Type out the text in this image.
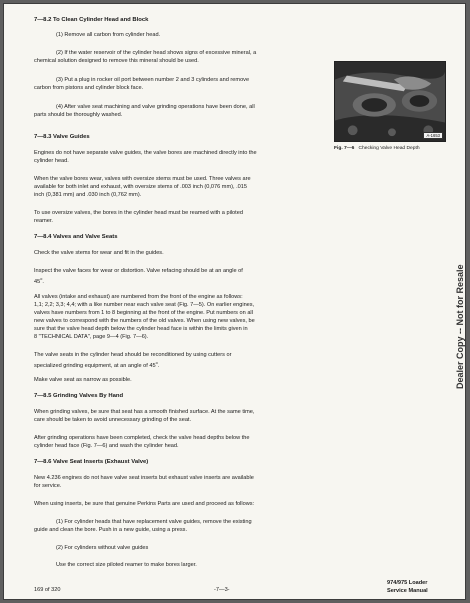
7—8.2 To Clean Cylinder Head and Block
(1) Remove all carbon from cylinder head.
(2) If the water reservoir of the cylinder head shows signs of excessive mineral, a
chemical solution designed to remove this mineral should be used.
(3) Put a plug in rocker oil port between number 2 and 3 cylinders and remove
carbon from pistons and cylinder block face.
(4) After valve seat machining and valve grinding operations have been done, all
parts should be thoroughly washed.
A-1653
Fig. 7—6 Checking Valve Head Depth
7—8.3 Valve Guides
Engines do not have separate valve guides, the valve bores are machined directly into the
cylinder head.
When the valve bores wear, valves with oversize stems must be used. Three valves are
available for both inlet and exhaust, with oversize stems of .003 inch (0,076 mm), .015
inch (0,381 mm) and .030 inch (0,762 mm).
To use oversize valves, the bores in the cylinder head must be reamed with a piloted
reamer.
7—8.4 Valves and Valve Seats
Check the valve stems for wear and fit in the guides.
Inspect the valve faces for wear or distortion. Valve refacing should be at an angle of
45$^o$.
All valves (intake and exhaust) are numbered from the front of the engine as follows:
1,1; 2,2; 3,3; 4,4; with a like number near each valve seat (Fig. 7—5). On earlier engines,
valves have numbers from 1 to 8 beginning at the front of the engine. Put numbers on all
new valves to correspond with the numbers of the old valves. When using new valves, be
sure that the valve head depth below the cylinder head face is within the limits given in
8 "TECHNICAL DATA", page 9—4 (Fig. 7—6).
The valve seats in the cylinder head should be reconditioned by using cutters or
specialized grinding equipment, at an angle of 45$^o$.
Make valve seat as narrow as possible.
7—8.5 Grinding Valves By Hand
When grinding valves, be sure that seat has a smooth finished surface. At the same time,
care should be taken to avoid unnecessary grinding of the seat.
After grinding operations have been completed, check the valve head depths below the
cylinder head face (Fig. 7—6) and wash the cylinder head.
7—8.6 Valve Seat Inserts (Exhaust Valve)
New 4.236 engines do not have valve seat inserts but exhaust valve inserts are available
for service.
When using inserts, be sure that genuine Perkins Parts are used and proceed as follows:
(1) For cylinder heads that have replacement valve guides, remove the existing
guide and clean the bore. Push in a new guide, using a press.
(2) For cylinders without valve guides
Use the correct size piloted reamer to make bores larger.
Dealer Copy -- Not for Resale
169 of 320	-7—3-
974/975 Loader
Service Manual
